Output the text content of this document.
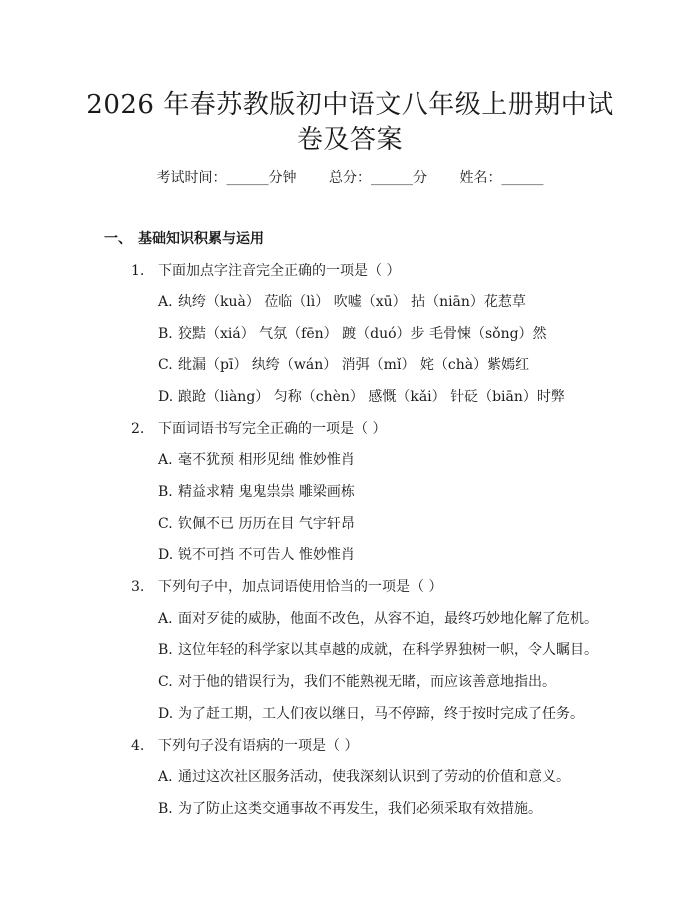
2026 年春苏教版初中语文八年级上册期中试
卷及答案
考试时间：______分钟 总分：______分 姓名：______
一、 基础知识积累与运用
1. 下面加点字注音完全正确的一项是（ ）
A. 纨绔（kuà） 莅临（lì） 吹嘘（xū） 拈（niān）花惹草
B. 狡黠（xiá） 气氛（fēn） 踱（duó）步 毛骨悚（sǒng）然
C. 纰漏（pī） 纨绔（wán） 消弭（mǐ） 姹（chà）紫嫣红
D. 踉跄（liàng） 匀称（chèn） 感慨（kǎi） 针砭（biān）时弊
2. 下面词语书写完全正确的一项是（ ）
A. 毫不犹预 相形见绌 惟妙惟肖
B. 精益求精 鬼鬼祟祟 雕梁画栋
C. 钦佩不已 历历在目 气宇轩昂
D. 锐不可挡 不可告人 惟妙惟肖
3. 下列句子中，加点词语使用恰当的一项是（ ）
A. 面对歹徒的威胁，他面不改色，从容不迫，最终巧妙地化解了危机。
B. 这位年轻的科学家以其卓越的成就，在科学界独树一帜，令人瞩目。
C. 对于他的错误行为，我们不能熟视无睹，而应该善意地指出。
D. 为了赶工期，工人们夜以继日，马不停蹄，终于按时完成了任务。
4. 下列句子没有语病的一项是（ ）
A. 通过这次社区服务活动，使我深刻认识到了劳动的价值和意义。
B. 为了防止这类交通事故不再发生，我们必须采取有效措施。
